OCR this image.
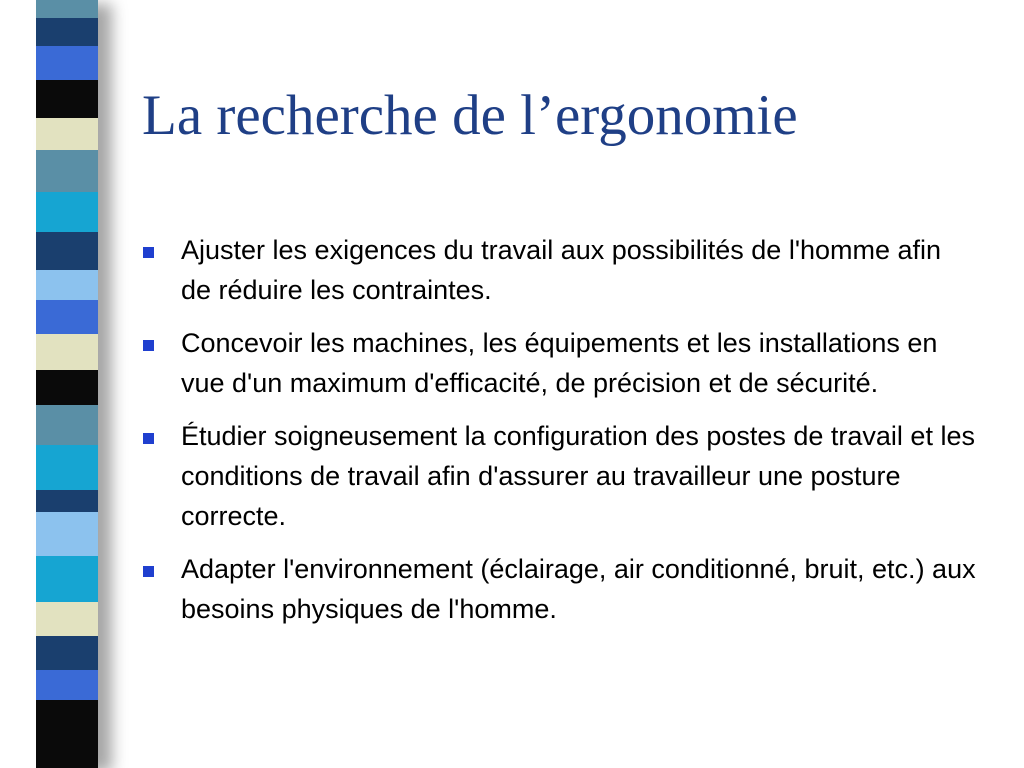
La recherche de l’ergonomie
Ajuster les exigences du travail aux possibilités de l'homme afin de réduire les contraintes.
Concevoir les machines, les équipements et les installations en vue d'un maximum d'efficacité, de précision et de sécurité.
Étudier soigneusement la configuration des postes de travail et les conditions de travail afin d'assurer au travailleur une posture correcte.
Adapter l'environnement (éclairage, air conditionné, bruit, etc.) aux besoins physiques de l'homme.
